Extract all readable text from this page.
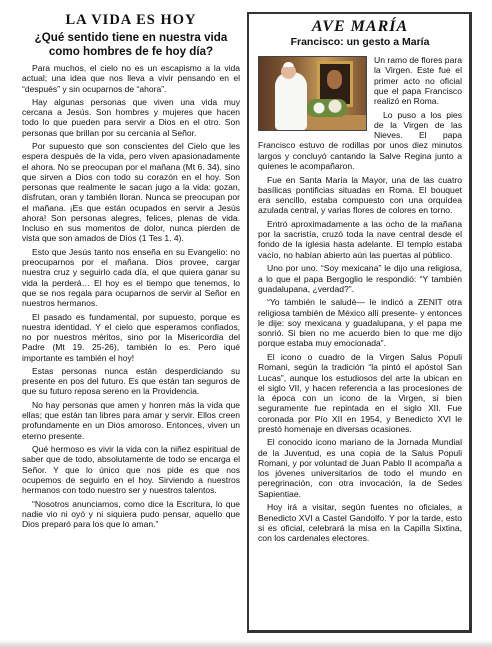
LA VIDA ES HOY
¿Qué sentido tiene en nuestra vida como hombres de fe hoy día?

Para muchos, el cielo no es un escapismo a la vida actual; una idea que nos lleva a vivir pensando en el “después” y sin ocuparnos de “ahora”.

Hay algunas personas que viven una vida muy cercana a Jesús. Son hombres y mujeres que hacen todo lo que pueden para servir a Dios en el otro. Son personas que brillan por su cercanía al Señor.

Por supuesto que son conscientes del Cielo que les espera después de la vida, pero viven apasionadamente el ahora. No se preocupan por el mañana (Mt 6. 34). sino que sirven a Dios con todo su corazón en el hoy. Son personas que realmente le sacan jugo a la vida: gozan, disfrutan, oran y también lloran. Nunca se preocupan por el mañana. ¡Es que están ocupados en servir a Jesús ahora! Son personas alegres, felices, plenas de vida. Incluso en sus momentos de dolor, nunca pierden de vista que son amados de Dios (1 Tes 1. 4).

Esto que Jesús tanto nos enseña en su Evangelio: no preocuparnos por el mañana. Dios provee, cargar nuestra cruz y seguirlo cada día, el que quiera ganar su vida la perderá… El hoy es el tiempo que tenemos, lo que se nos regala para ocuparnos de servir al Señor en nuestros hermanos.

El pasado es fundamental, por supuesto, porque es nuestra identidad. Y el cielo que esperamos confiados, no por nuestros méritos, sino por la Misericordia del Padre (Mt 19. 25-26), también lo es. Pero iqué importante es también el hoy!

Estas personas nunca están desperdiciando su presente en pos del futuro. Es que están tan seguros de que su futuro reposa sereno en la Providencia.

No hay personas que amen y honren más la vida que ellas; que están tan libres para amar y servir. Ellos creen profundamente en un Dios amoroso. Entonces, viven un eterno presente.

Qué hermoso es vivir la vida con la niñez espiritual de saber que de todo, absolutamente de todo se encarga el Señor. Y que lo único que nos pide es que nos ocupemos de seguirlo en el hoy. Sirviendo a nuestros hermanos con todo nuestro ser y nuestros talentos.

“Nosotros anunciamos, como dice la Escritura, lo que nadie vio ni oyó y ni siquiera pudo pensar, aquello que Dios preparó para los que lo aman.”

AVE MARÍA
Francisco: un gesto a María

Un ramo de flores para la Virgen. Este fue el primer acto no oficial que el papa Francisco realizó en Roma.

Lo puso a los pies de la Virgen de las Nieves. El papa Francisco estuvo de rodillas por unos diez minutos largos y concluyó cantando la Salve Regina junto a quienes le acompañaron.

Fue en Santa María la Mayor, una de las cuatro basílicas pontificias situadas en Roma. El bouquet era sencillo, estaba compuesto con una orquídea azulada central, y varias flores de colores en torno.

Entró aproximadamente a las ocho de la mañana por la sacristía, cruzó toda la nave central desde el fondo de la iglesia hasta adelante. El templo estaba vacío, no habían abierto aún las puertas al público.

Uno por uno. “Soy mexicana” le dijo una religiosa, a lo que el papa Bergoglio le respondió: “Y también guadalupana, ¿verdad?”.

“Yo también le saludé— le indicó a ZENIT otra religiosa también de México allí presente- y entonces le dije: soy mexicana y guadalupana, y el papa me sonrió. Si bien no me acuerdo bien lo que me dijo porque estaba muy emocionada”.

El icono o cuadro de la Virgen Salus Populi Romani, según la tradición “la pintó el apóstol San Lucas”, aunque los estudiosos del arte la ubican en el siglo VII, y hacen referencia a las procesiones de la época con un icono de la Virgen, si bien seguramente fue repintada en el siglo XII. Fue coronada por Pío XII en 1954, y Benedicto XVI le prestó homenaje en diversas ocasiones.

El conocido icono mariano de la Jornada Mundial de la Juventud, es una copia de la Salus Populi Romani, y por voluntad de Juan Pablo II acompaña a los jóvenes universitarios de todo el mundo en peregrinación, con otra invocación, la de Sedes Sapientiae.

Hoy irá a visitar, según fuentes no oficiales, a Benedicto XVI a Castel Gandolfo. Y por la tarde, esto si es oficial, celebrará la misa en la Capilla Sixtina, con los cardenales electores.
